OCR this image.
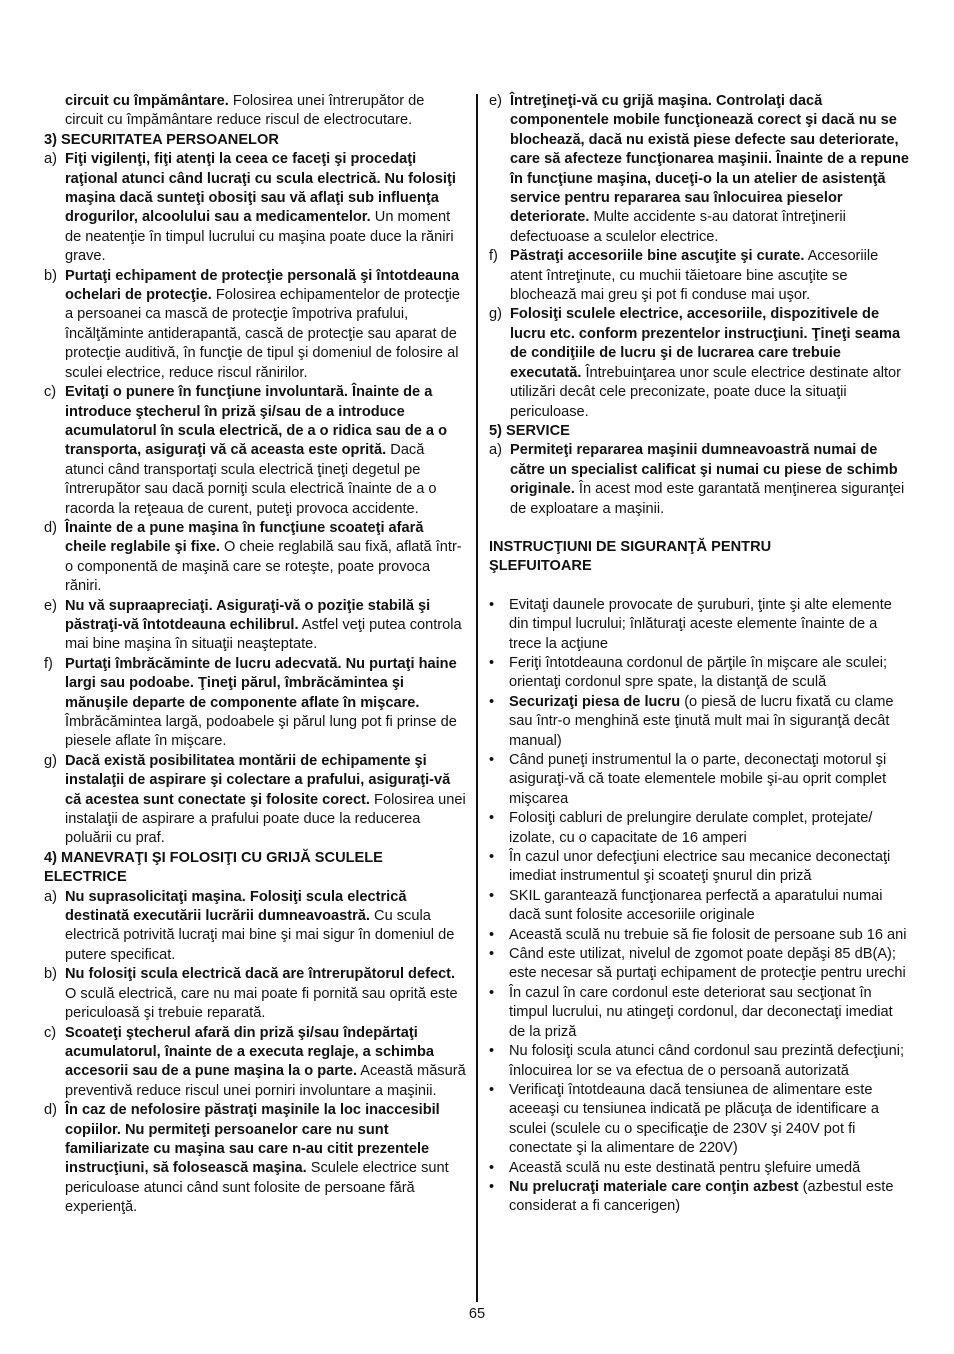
circuit cu împământare. Folosirea unei întrerupător de circuit cu împământare reduce riscul de electrocutare.
3) SECURITATEA PERSOANELOR
a) Fiţi vigilenţi, fiţi atenţi la ceea ce faceţi şi procedaţi raţional atunci când lucraţi cu scula electrică. Nu folosiţi maşina dacă sunteţi obosiţi sau vă aflaţi sub influenţa drogurilor, alcoolului sau a medicamentelor. Un moment de neatenţie în timpul lucrului cu maşina poate duce la răniri grave.
b) Purtaţi echipament de protecţie personală şi întotdeauna ochelari de protecţie. Folosirea echipamentelor de protecţie a persoanei ca mască de protecţie împotriva prafului, încălţăminte antiderapantă, cască de protecţie sau aparat de protecţie auditivă, în funcţie de tipul şi domeniul de folosire al sculei electrice, reduce riscul rănirilor.
c) Evitaţi o punere în funcţiune involuntară. Înainte de a introduce ştecherul în priză şi/sau de a introduce acumulatorul în scula electrică, de a o ridica sau de a o transporta, asiguraţi vă că aceasta este oprită. Dacă atunci când transportaţi scula electrică ţineţi degetul pe întrerupător sau dacă porniţi scula electrică înainte de a o racorda la reţeaua de curent, puteţi provoca accidente.
d) Înainte de a pune maşina în funcţiune scoateţi afară cheile reglabile şi fixe. O cheie reglabilă sau fixă, aflată într-o componentă de maşină care se roteşte, poate provoca răniri.
e) Nu vă supraapreciaţi. Asiguraţi-vă o poziţie stabilă şi păstraţi-vă întotdeauna echilibrul. Astfel veţi putea controla mai bine maşina în situaţii neaşteptate.
f) Purtaţi îmbrăcăminte de lucru adecvată. Nu purtaţi haine largi sau podoabe. Ţineţi părul, îmbrăcămintea şi mănuşile departe de componente aflate în mişcare. Îmbrăcămintea largă, podoabele şi părul lung pot fi prinse de piesele aflate în mişcare.
g) Dacă există posibilitatea montării de echipamente şi instalaţii de aspirare şi colectare a prafului, asiguraţi-vă că acestea sunt conectate şi folosite corect. Folosirea unei instalaţii de aspirare a prafului poate duce la reducerea poluării cu praf.
4) MANEVRAŢI ŞI FOLOSIŢI CU GRIJĂ SCULELE ELECTRICE
a) Nu suprasolicitaţi maşina. Folosiţi scula electrică destinată executării lucrării dumneavoastră. Cu scula electrică potrivită lucraţi mai bine şi mai sigur în domeniul de putere specificat.
b) Nu folosiţi scula electrică dacă are întrerupătorul defect. O sculă electrică, care nu mai poate fi pornită sau oprită este periculoasă şi trebuie reparată.
c) Scoateţi ştecherul afară din priză şi/sau îndepărtaţi acumulatorul, înainte de a executa reglaje, a schimba accesorii sau de a pune maşina la o parte. Această măsură preventivă reduce riscul unei porniri involuntare a maşinii.
d) În caz de nefolosire păstraţi maşinile la loc inaccesibil copiilor. Nu permiteţi persoanelor care nu sunt familiarizate cu maşina sau care n-au citit prezentele instrucţiuni, să folosească maşina. Sculele electrice sunt periculoase atunci când sunt folosite de persoane fără experienţă.
e) Întreţineţi-vă cu grijă maşina. Controlaţi dacă componentele mobile funcţionează corect şi dacă nu se blochează, dacă nu există piese defecte sau deteriorate, care să afecteze funcţionarea maşinii. Înainte de a repune în funcţiune maşina, duceţi-o la un atelier de asistenţă service pentru repararea sau înlocuirea pieselor deteriorate. Multe accidente s-au datorat întreţinerii defectuoase a sculelor electrice.
f) Păstraţi accesoriile bine ascuţite şi curate. Accesoriile atent întreţinute, cu muchii tăietoare bine ascuţite se blochează mai greu şi pot fi conduse mai uşor.
g) Folosiţi sculele electrice, accesoriile, dispozitivele de lucru etc. conform prezentelor instrucţiuni. Ţineţi seama de condiţiile de lucru şi de lucrarea care trebuie executată. Întrebuinţarea unor scule electrice destinate altor utilizări decât cele preconizate, poate duce la situaţii periculoase.
5) SERVICE
a) Permiteţi repararea maşinii dumneavoastră numai de către un specialist calificat şi numai cu piese de schimb originale. În acest mod este garantată menţinerea siguranţei de exploatare a maşinii.
INSTRUCŢIUNI DE SIGURANŢĂ PENTRU ŞLEFUITOARE
• Evitaţi daunele provocate de şuruburi, ţinte şi alte elemente din timpul lucrului; înlăturaţi aceste elemente înainte de a trece la acţiune
• Feriţi întotdeauna cordonul de părţile în mişcare ale sculei; orientaţi cordonul spre spate, la distanţă de sculă
• Securizaţi piesa de lucru (o piesă de lucru fixată cu clame sau într-o menghină este ţinută mult mai în siguranţă decât manual)
• Când puneţi instrumentul la o parte, deconectaţi motorul şi asiguraţi-vă că toate elementele mobile şi-au oprit complet mişcarea
• Folosiţi cabluri de prelungire derulate complet, protejate/ izolate, cu o capacitate de 16 amperi
• În cazul unor defecţiuni electrice sau mecanice deconectaţi imediat instrumentul şi scoateţi şnurul din priză
• SKIL garantează funcţionarea perfectă a aparatului numai dacă sunt folosite accesoriile originale
• Această sculă nu trebuie să fie folosit de persoane sub 16 ani
• Când este utilizat, nivelul de zgomot poate depăşi 85 dB(A); este necesar să purtaţi echipament de protecţie pentru urechi
• În cazul în care cordonul este deteriorat sau secţionat în timpul lucrului, nu atingeţi cordonul, dar deconectaţi imediat de la priză
• Nu folosiţi scula atunci când cordonul sau prezintă defecţiuni; înlocuirea lor se va efectua de o persoană autorizată
• Verificaţi întotdeauna dacă tensiunea de alimentare este aceeaşi cu tensiunea indicată pe plăcuţa de identificare a sculei (sculele cu o specificaţie de 230V şi 240V pot fi conectate şi la alimentare de 220V)
• Această sculă nu este destinată pentru şlefuire umedă
• Nu prelucraţi materiale care conţin azbest (azbestul este considerat a fi cancerigen)
65
